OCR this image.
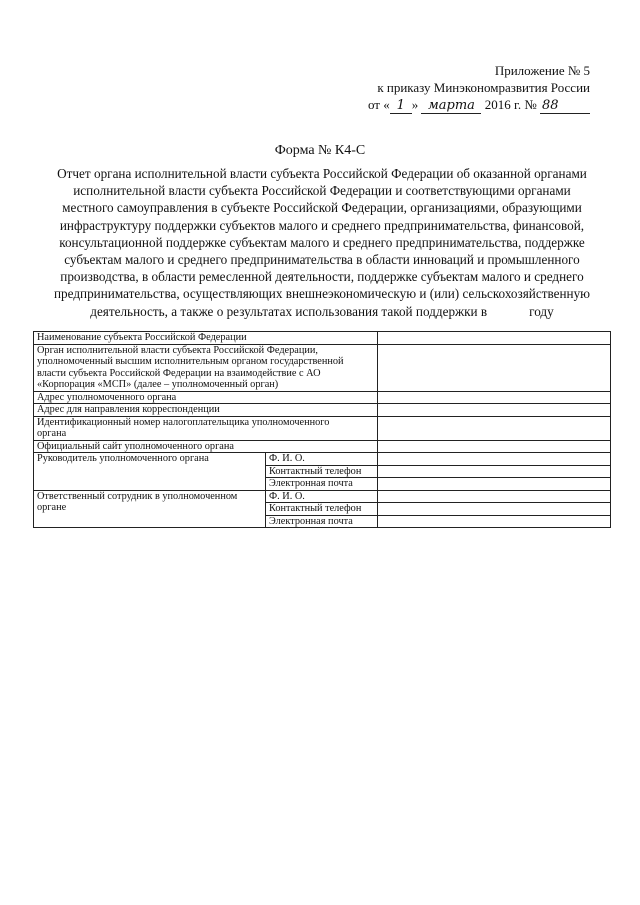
Приложение № 5
к приказу Минэкономразвития России
от « 1 » марта 2016 г. № 88
Форма № К4-С
Отчет органа исполнительной власти субъекта Российской Федерации об оказанной органами
исполнительной власти субъекта Российской Федерации и соответствующими органами
местного самоуправления в субъекте Российской Федерации, организациями, образующими
инфраструктуру поддержки субъектов малого и среднего предпринимательства, финансовой,
консультационной поддержке субъектам малого и среднего предпринимательства, поддержке
субъектам малого и среднего предпринимательства в области инноваций и промышленного
производства, в области ремесленной деятельности, поддержке субъектам малого и среднего
предпринимательства, осуществляющих внешнеэкономическую и (или) сельскохозяйственную
деятельность, а также о результатах использования такой поддержки в	году
Наименование субъекта Российской Федерации		

Орган исполнительной власти субъекта Российской Федерации,
уполномоченный высшим исполнительным органом государственной
власти субъекта Российской Федерации на взаимодействие с АО
«Корпорация «МСП» (далее – уполномоченный орган)		

Адрес уполномоченного органа		
Адрес для направления корреспонденции		

Идентификационный номер налогоплательщика уполномоченного
органа		

Официальный сайт уполномоченного органа		
Руководитель уполномоченного органа	Ф. И. О.	
	Контактный телефон	
	Электронная почта	

Ответственный сотрудник в уполномоченном
органе	Ф. И. О.	
	Контактный телефон	
	Электронная почта	
